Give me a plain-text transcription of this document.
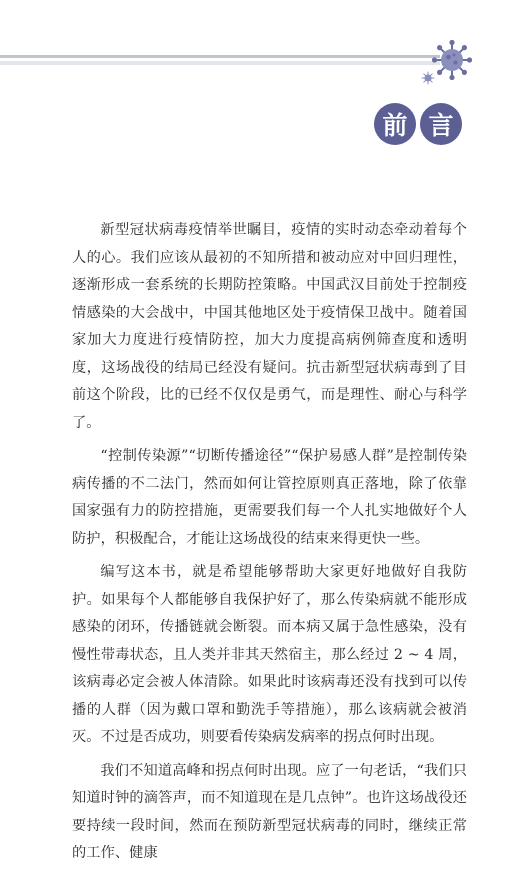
前 言

新型冠状病毒疫情举世瞩目，疫情的实时动态牵动着每个人的心。我们应该从最初的不知所措和被动应对中回归理性，逐渐形成一套系统的长期防控策略。中国武汉目前处于控制疫情感染的大会战中，中国其他地区处于疫情保卫战中。随着国家加大力度进行疫情防控，加大力度提高病例筛查度和透明度，这场战役的结局已经没有疑问。抗击新型冠状病毒到了目前这个阶段，比的已经不仅仅是勇气，而是理性、耐心与科学了。

“控制传染源”“切断传播途径”“保护易感人群”是控制传染病传播的不二法门，然而如何让管控原则真正落地，除了依靠国家强有力的防控措施，更需要我们每一个人扎实地做好个人防护，积极配合，才能让这场战役的结束来得更快一些。

编写这本书，就是希望能够帮助大家更好地做好自我防护。如果每个人都能够自我保护好了，那么传染病就不能形成感染的闭环，传播链就会断裂。而本病又属于急性感染，没有慢性带毒状态，且人类并非其天然宿主，那么经过 2 ~ 4 周，该病毒必定会被人体清除。如果此时该病毒还没有找到可以传播的人群（因为戴口罩和勤洗手等措施），那么该病就会被消灭。不过是否成功，则要看传染病发病率的拐点何时出现。

我们不知道高峰和拐点何时出现。应了一句老话，“我们只知道时钟的滴答声，而不知道现在是几点钟”。也许这场战役还要持续一段时间，然而在预防新型冠状病毒的同时，继续正常的工作、健康
